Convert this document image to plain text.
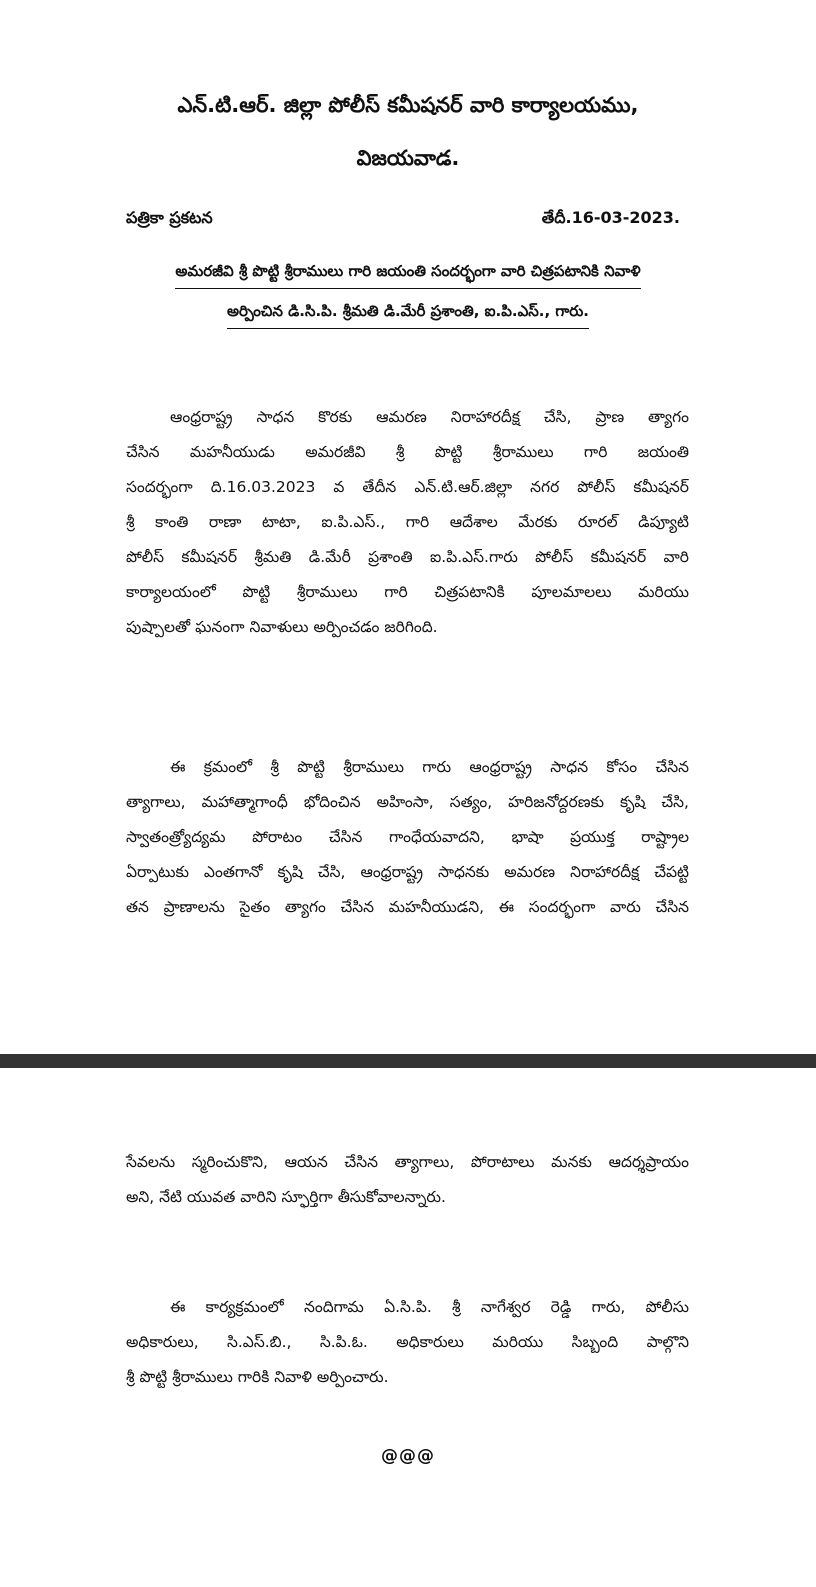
ఎన్.టి.ఆర్. జిల్లా పోలీస్ కమీషనర్ వారి కార్యాలయము,
విజయవాడ.
పత్రికా ప్రకటన	తేదీ.16-03-2023.
అమరజీవి శ్రీ పొట్టి శ్రీరాములు గారి జయంతి సందర్భంగా వారి చిత్రపటానికి నివాళి
అర్పించిన డి.సి.పి. శ్రీమతి డి.మేరీ ప్రశాంతి, ఐ.పి.ఎస్., గారు.
ఆంధ్రరాష్ట్ర సాధన కొరకు ఆమరణ నిరాహారదీక్ష చేసి, ప్రాణ త్యాగం
చేసిన మహనీయుడు అమరజీవి శ్రీ పొట్టి శ్రీరాములు గారి జయంతి
సందర్భంగా ది.16.03.2023 వ తేదీన ఎన్.టి.ఆర్.జిల్లా నగర పోలీస్ కమీషనర్
శ్రీ కాంతి రాణా టాటా, ఐ.పి.ఎస్., గారి ఆదేశాల మేరకు రూరల్ డిప్యూటి
పోలీస్ కమీషనర్ శ్రీమతి డి.మేరీ ప్రశాంతి ఐ.పి.ఎస్.గారు పోలీస్ కమీషనర్ వారి
కార్యాలయంలో పొట్టి శ్రీరాములు గారి చిత్రపటానికి పూలమాలలు మరియు
పుష్పాలతో ఘనంగా నివాళులు అర్పించడం జరిగింది.
ఈ క్రమంలో శ్రీ పొట్టి శ్రీరాములు గారు ఆంధ్రరాష్ట్ర సాధన కోసం చేసిన
త్యాగాలు, మహాత్మాగాంధీ భోదించిన అహింసా, సత్యం, హరిజనోద్దరణకు కృషి చేసి,
స్వాతంత్ర్యోద్యమ పోరాటం చేసిన గాంధేయవాదని, భాషా ప్రయుక్త రాష్ట్రాల
ఏర్పాటుకు ఎంతగానో కృషి చేసి, ఆంధ్రరాష్ట్ర సాధనకు అమరణ నిరాహారదీక్ష చేపట్టి
తన ప్రాణాలను సైతం త్యాగం చేసిన మహనీయుడని, ఈ సందర్భంగా వారు చేసిన
సేవలను స్మరించుకొని, ఆయన చేసిన త్యాగాలు, పోరాటాలు మనకు ఆదర్శప్రాయం
అని, నేటి యువత వారిని స్ఫూర్తిగా తీసుకోవాలన్నారు.
ఈ కార్యక్రమంలో నందిగామ ఏ.సి.పి. శ్రీ నాగేశ్వర రెడ్డి గారు, పోలీసు
అధికారులు, సి.ఎస్.బి., సి.పి.ఓ. అధికారులు మరియు సిబ్బంది పాల్గొని
శ్రీ పొట్టి శ్రీరాములు గారికి నివాళి అర్పించారు.
@@@
